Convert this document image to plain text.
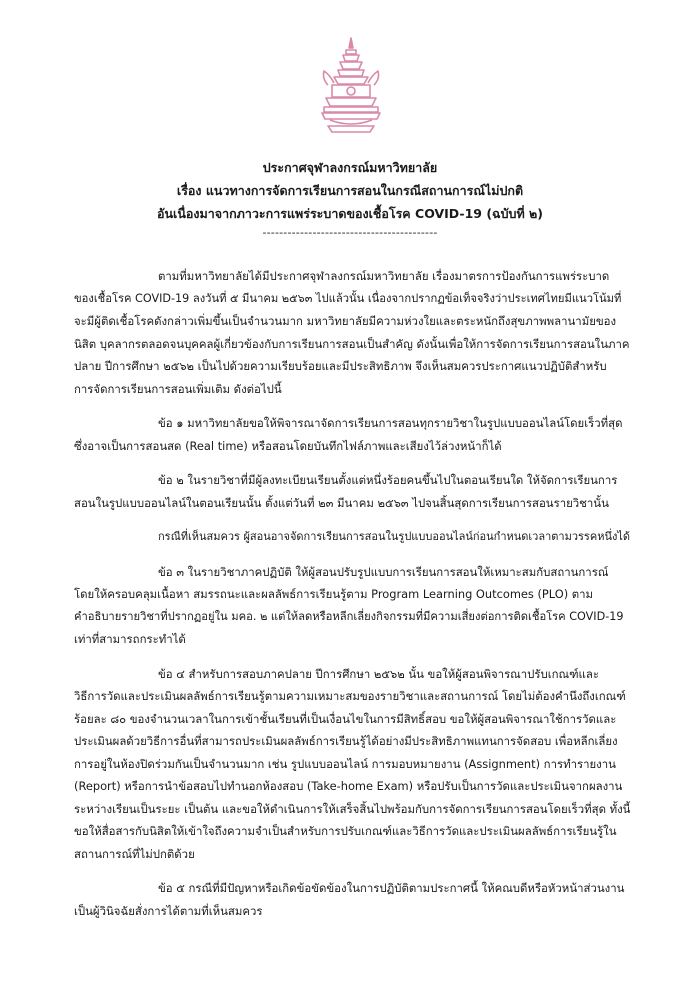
ประกาศจุฬาลงกรณ์มหาวิทยาลัย
เรื่อง แนวทางการจัดการเรียนการสอนในกรณีสถานการณ์ไม่ปกติ
อันเนื่องมาจากภาวะการแพร่ระบาดของเชื้อโรค COVID-19 (ฉบับที่ ๒)
------------------------------------------

ตามที่มหาวิทยาลัยได้มีประกาศจุฬาลงกรณ์มหาวิทยาลัย เรื่องมาตรการป้องกันการแพร่ระบาด

ของเชื้อโรค COVID-19 ลงวันที่ ๕ มีนาคม ๒๕๖๓ ไปแล้วนั้น เนื่องจากปรากฏข้อเท็จจริงว่าประเทศไทยมีแนวโน้มที่

จะมีผู้ติดเชื้อโรคดังกล่าวเพิ่มขึ้นเป็นจำนวนมาก มหาวิทยาลัยมีความห่วงใยและตระหนักถึงสุขภาพพลานามัยของ

นิสิต บุคลากรตลอดจนบุคคลผู้เกี่ยวข้องกับการเรียนการสอนเป็นสำคัญ ดังนั้นเพื่อให้การจัดการเรียนการสอนในภาค

ปลาย ปีการศึกษา ๒๕๖๒ เป็นไปด้วยความเรียบร้อยและมีประสิทธิภาพ จึงเห็นสมควรประกาศแนวปฏิบัติสำหรับ

การจัดการเรียนการสอนเพิ่มเติม ดังต่อไปนี้

ข้อ ๑ มหาวิทยาลัยขอให้พิจารณาจัดการเรียนการสอนทุกรายวิชาในรูปแบบออนไลน์โดยเร็วที่สุด

ซึ่งอาจเป็นการสอนสด (Real time) หรือสอนโดยบันทึกไฟล์ภาพและเสียงไว้ล่วงหน้าก็ได้

ข้อ ๒ ในรายวิชาที่มีผู้ลงทะเบียนเรียนตั้งแต่หนึ่งร้อยคนขึ้นไปในตอนเรียนใด ให้จัดการเรียนการ

สอนในรูปแบบออนไลน์ในตอนเรียนนั้น ตั้งแต่วันที่ ๒๓ มีนาคม ๒๕๖๓ ไปจนสิ้นสุดการเรียนการสอนรายวิชานั้น

กรณีที่เห็นสมควร ผู้สอนอาจจัดการเรียนการสอนในรูปแบบออนไลน์ก่อนกำหนดเวลาตามวรรคหนึ่งได้

ข้อ ๓ ในรายวิชาภาคปฏิบัติ ให้ผู้สอนปรับรูปแบบการเรียนการสอนให้เหมาะสมกับสถานการณ์

โดยให้ครอบคลุมเนื้อหา สมรรถนะและผลลัพธ์การเรียนรู้ตาม Program Learning Outcomes (PLO) ตาม

คำอธิบายรายวิชาที่ปรากฏอยู่ใน มคอ. ๒ แต่ให้ลดหรือหลีกเลี่ยงกิจกรรมที่มีความเสี่ยงต่อการติดเชื้อโรค COVID-19

เท่าที่สามารถกระทำได้

ข้อ ๔ สำหรับการสอบภาคปลาย ปีการศึกษา ๒๕๖๒ นั้น ขอให้ผู้สอนพิจารณาปรับเกณฑ์และ

วิธีการวัดและประเมินผลลัพธ์การเรียนรู้ตามความเหมาะสมของรายวิชาและสถานการณ์ โดยไม่ต้องคำนึงถึงเกณฑ์

ร้อยละ ๘๐ ของจำนวนเวลาในการเข้าชั้นเรียนที่เป็นเงื่อนไขในการมีสิทธิ์สอบ ขอให้ผู้สอนพิจารณาใช้การวัดและ

ประเมินผลด้วยวิธีการอื่นที่สามารถประเมินผลลัพธ์การเรียนรู้ได้อย่างมีประสิทธิภาพแทนการจัดสอบ เพื่อหลีกเลี่ยง

การอยู่ในห้องปิดร่วมกันเป็นจำนวนมาก เช่น รูปแบบออนไลน์ การมอบหมายงาน (Assignment) การทำรายงาน

(Report) หรือการนำข้อสอบไปทำนอกห้องสอบ (Take-home Exam) หรือปรับเป็นการวัดและประเมินจากผลงาน

ระหว่างเรียนเป็นระยะ เป็นต้น และขอให้ดำเนินการให้เสร็จสิ้นไปพร้อมกับการจัดการเรียนการสอนโดยเร็วที่สุด ทั้งนี้

ขอให้สื่อสารกับนิสิตให้เข้าใจถึงความจำเป็นสำหรับการปรับเกณฑ์และวิธีการวัดและประเมินผลลัพธ์การเรียนรู้ใน

สถานการณ์ที่ไม่ปกติด้วย

ข้อ ๕ กรณีที่มีปัญหาหรือเกิดข้อขัดข้องในการปฏิบัติตามประกาศนี้ ให้คณบดีหรือหัวหน้าส่วนงาน

เป็นผู้วินิจฉัยสั่งการได้ตามที่เห็นสมควร
